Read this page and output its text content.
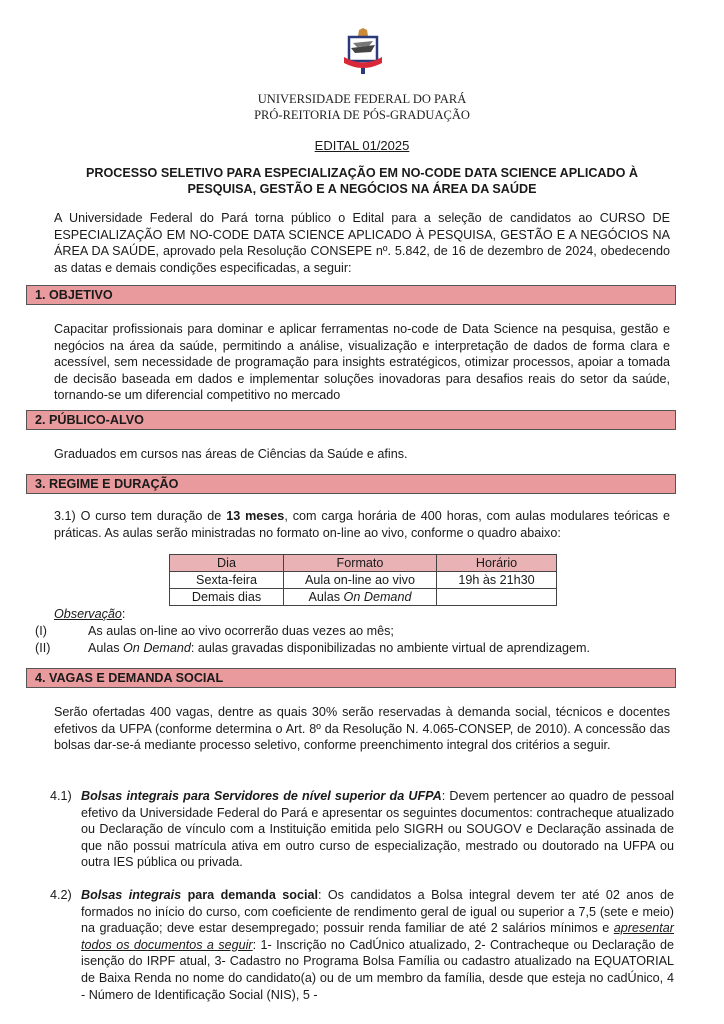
UNIVERSIDADE FEDERAL DO PARÁ
PRÓ-REITORIA DE PÓS-GRADUAÇÃO
EDITAL 01/2025
PROCESSO SELETIVO PARA ESPECIALIZAÇÃO EM NO-CODE DATA SCIENCE APLICADO À
PESQUISA, GESTÃO E A NEGÓCIOS NA ÁREA DA SAÚDE
A Universidade Federal do Pará torna público o Edital para a seleção de candidatos ao CURSO DE ESPECIALIZAÇÃO EM NO-CODE DATA SCIENCE APLICADO À PESQUISA, GESTÃO E A NEGÓCIOS NA ÁREA DA SAÚDE, aprovado pela Resolução CONSEPE nº. 5.842, de 16 de dezembro de 2024, obedecendo as datas e demais condições especificadas, a seguir:
1. OBJETIVO
Capacitar profissionais para dominar e aplicar ferramentas no-code de Data Science na pesquisa, gestão e negócios na área da saúde, permitindo a análise, visualização e interpretação de dados de forma clara e acessível, sem necessidade de programação para insights estratégicos, otimizar processos, apoiar a tomada de decisão baseada em dados e implementar soluções inovadoras para desafios reais do setor da saúde, tornando-se um diferencial competitivo no mercado
2. PÚBLICO-ALVO
Graduados em cursos nas áreas de Ciências da Saúde e afins.
3. REGIME E DURAÇÃO
3.1) O curso tem duração de 13 meses, com carga horária de 400 horas, com aulas modulares teóricas e práticas. As aulas serão ministradas no formato on-line ao vivo, conforme o quadro abaixo:
Dia	Formato	Horário
Sexta-feira	Aula on-line ao vivo	19h às 21h30
Demais dias	Aulas On Demand	
Observação:
(I)	As aulas on-line ao vivo ocorrerão duas vezes ao mês;
(II)	Aulas On Demand: aulas gravadas disponibilizadas no ambiente virtual de aprendizagem.
4. VAGAS E DEMANDA SOCIAL
Serão ofertadas 400 vagas, dentre as quais 30% serão reservadas à demanda social, técnicos e docentes efetivos da UFPA (conforme determina o Art. 8º da Resolução N. 4.065-CONSEP, de 2010). A concessão das bolsas dar-se-á mediante processo seletivo, conforme preenchimento integral dos critérios a seguir.
4.1) Bolsas integrais para Servidores de nível superior da UFPA: Devem pertencer ao quadro de pessoal efetivo da Universidade Federal do Pará e apresentar os seguintes documentos: contracheque atualizado ou Declaração de vínculo com a Instituição emitida pelo SIGRH ou SOUGOV e Declaração assinada de que não possui matrícula ativa em outro curso de especialização, mestrado ou doutorado na UFPA ou outra IES pública ou privada.
4.2) Bolsas integrais para demanda social: Os candidatos a Bolsa integral devem ter até 02 anos de formados no início do curso, com coeficiente de rendimento geral de igual ou superior a 7,5 (sete e meio) na graduação; deve estar desempregado; possuir renda familiar de até 2 salários mínimos e apresentar todos os documentos a seguir: 1- Inscrição no CadÚnico atualizado, 2- Contracheque ou Declaração de isenção do IRPF atual, 3- Cadastro no Programa Bolsa Família ou cadastro atualizado na EQUATORIAL de Baixa Renda no nome do candidato(a) ou de um membro da família, desde que esteja no cadÚnico, 4 - Número de Identificação Social (NIS), 5 -
